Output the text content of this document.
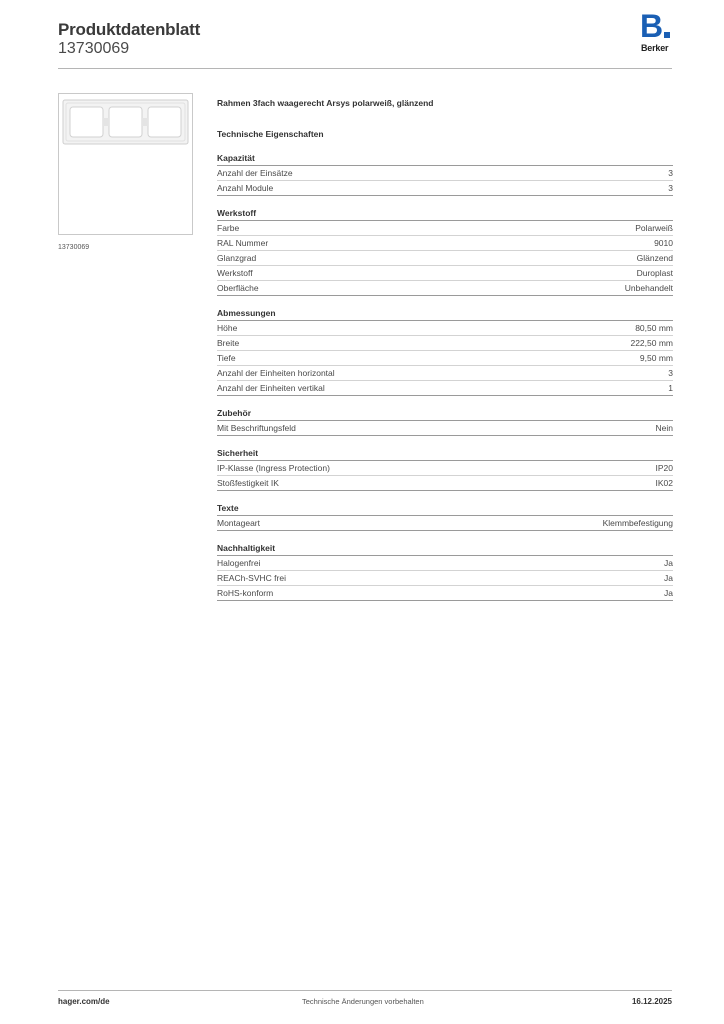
Produktdatenblatt
13730069
B
Berker
13730069
Rahmen 3fach waagerecht Arsys polarweiß, glänzend
Technische Eigenschaften
Kapazität
Anzahl der Einsätze	3
Anzahl Module	3
Werkstoff
Farbe	Polarweiß
RAL Nummer	9010
Glanzgrad	Glänzend
Werkstoff	Duroplast
Oberfläche	Unbehandelt
Abmessungen
Höhe	80,50 mm
Breite	222,50 mm
Tiefe	9,50 mm
Anzahl der Einheiten horizontal	3
Anzahl der Einheiten vertikal	1
Zubehör
Mit Beschriftungsfeld	Nein
Sicherheit
IP-Klasse (Ingress Protection)	IP20
Stoßfestigkeit IK	IK02
Texte
Montageart	Klemmbefestigung
Nachhaltigkeit
Halogenfrei	Ja
REACh-SVHC frei	Ja
RoHS-konform	Ja
hager.com/de	Technische Änderungen vorbehalten	16.12.2025
